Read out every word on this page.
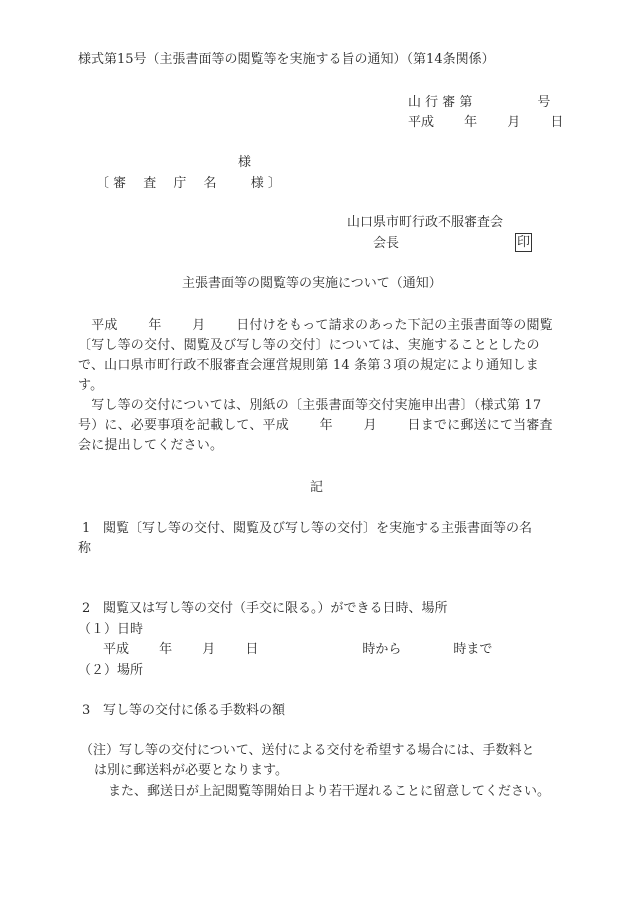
様式第15号（主張書面等の閲覧等を実施する旨の通知）（第14条関係）
山 行 審 第　　　　　号
平成　　 年 　　月 　　日
様
〔 審　 査　 庁　 名　 　 様 〕
山口県市町行政不服審査会
会長	印
主張書面等の閲覧等の実施について（通知）
　平成　　 年　　 月　　 日付けをもって請求のあった下記の主張書面等の閲覧〔写し等の交付、閲覧及び写し等の交付〕については、実施することとしたので、山口県市町行政不服審査会運営規則第 14 条第３項の規定により通知します。
　写し等の交付については、別紙の〔主張書面等交付実施申出書〕（様式第 17 号）に、必要事項を記載して、平成　　 年　　 月　　 日までに郵送にて当審査会に提出してください。
記
1 閲覧〔写し等の交付、閲覧及び写し等の交付〕を実施する主張書面等の名
称
2 閲覧又は写し等の交付（手交に限る。）ができる日時、場所
（１）日時
平成　　 年　　 月　　 日　　　　　　　　時から　　　　時まで
（２）場所
3 写し等の交付に係る手数料の額
（注）写し等の交付について、送付による交付を希望する場合には、手数料と
は別に郵送料が必要となります。
また、郵送日が上記閲覧等開始日より若干遅れることに留意してください。
